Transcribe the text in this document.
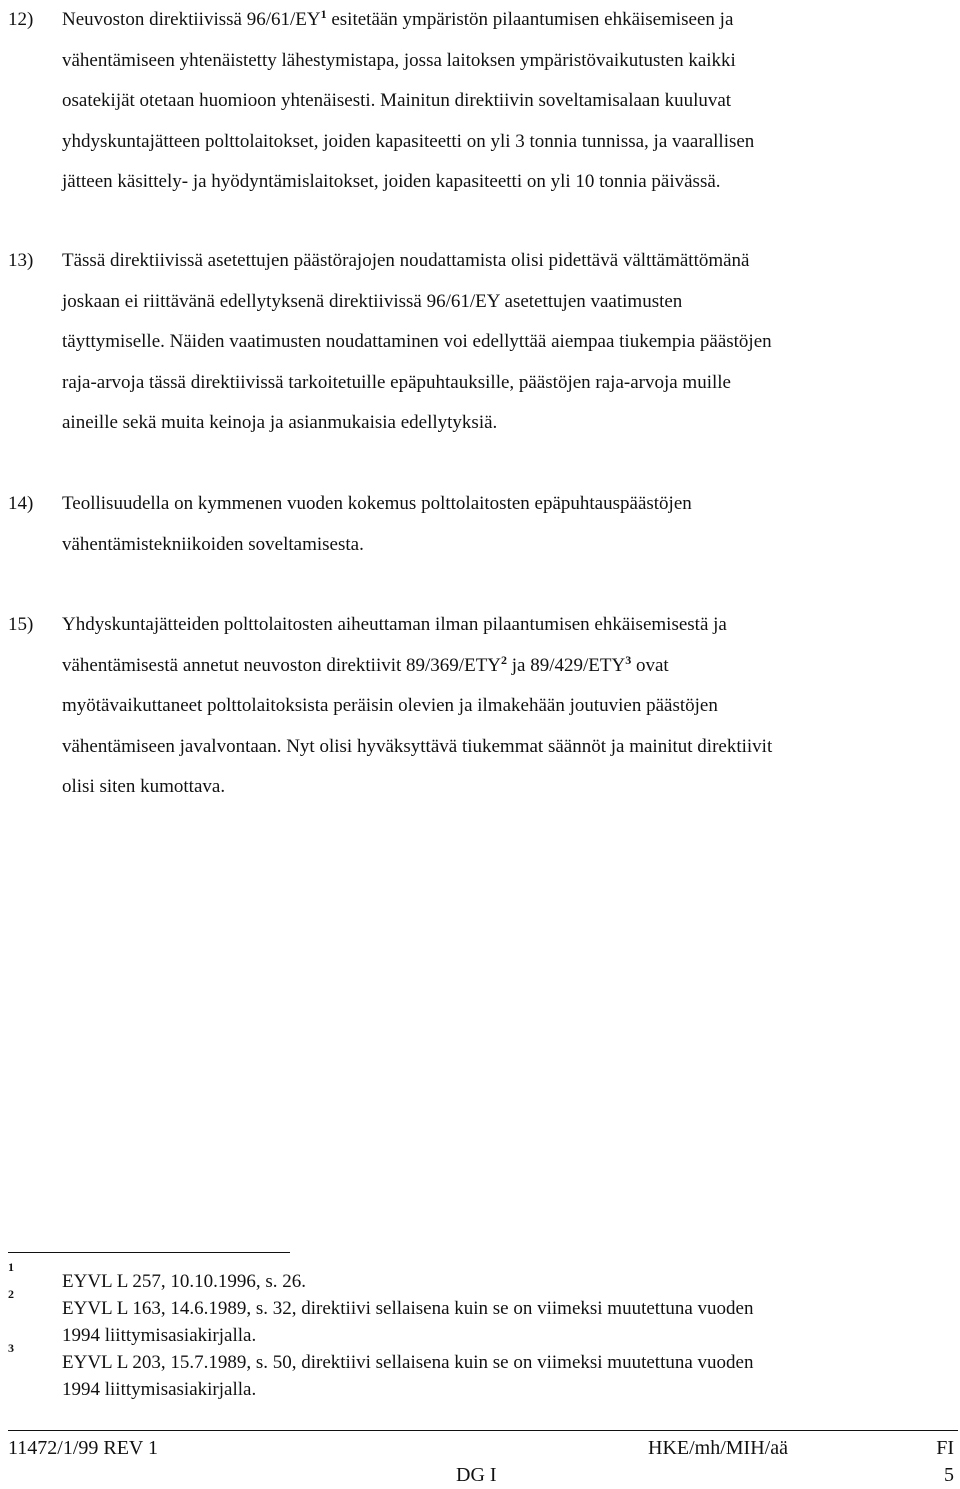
12)	Neuvoston direktiivissä $96/61/EY^1$ esitetään ympäristön pilaantumisen ehkäisemiseen ja
vähentämiseen yhtenäistetty lähestymistapa, jossa laitoksen ympäristövaikutusten kaikki
osatekijät otetaan huomioon yhtenäisesti. Mainitun direktiivin soveltamisalaan kuuluvat
yhdyskuntajätteen polttolaitokset, joiden kapasiteetti on yli 3 tonnia tunnissa, ja vaarallisen
jätteen käsittely- ja hyödyntämislaitokset, joiden kapasiteetti on yli 10 tonnia päivässä.
13)	Tässä direktiivissä asetettujen päästörajojen noudattamista olisi pidettävä välttämättömänä
joskaan ei riittävänä edellytyksenä direktiivissä 96/61/EY asetettujen vaatimusten
täyttymiselle. Näiden vaatimusten noudattaminen voi edellyttää aiempaa tiukempia päästöjen
raja-arvoja tässä direktiivissä tarkoitetuille epäpuhtauksille, päästöjen raja-arvoja muille
aineille sekä muita keinoja ja asianmukaisia edellytyksiä.
14)	Teollisuudella on kymmenen vuoden kokemus polttolaitosten epäpuhtauspäästöjen
vähentämistekniikoiden soveltamisesta.
15)	Yhdyskuntajätteiden polttolaitosten aiheuttaman ilman pilaantumisen ehkäisemisestä ja
vähentämisestä annetut neuvoston direktiivit 89/369/ETY$^2$ ja 89/429/ETY$^3$ ovat
myötävaikuttaneet polttolaitoksista peräisin olevien ja ilmakehään joutuvien päästöjen
vähentämiseen javalvontaan. Nyt olisi hyväksyttävä tiukemmat säännöt ja mainitut direktiivit
olisi siten kumottava.
1
EYVL L 257, 10.10.1996, s. 26.
2
EYVL L 163, 14.6.1989, s. 32, direktiivi sellaisena kuin se on viimeksi muutettuna vuoden
1994 liittymisasiakirjalla.
3
EYVL L 203, 15.7.1989, s. 50, direktiivi sellaisena kuin se on viimeksi muutettuna vuoden
1994 liittymisasiakirjalla.
11472/1/99 REV 1	HKE/mh/MIH/aä	FI
DG I	5
